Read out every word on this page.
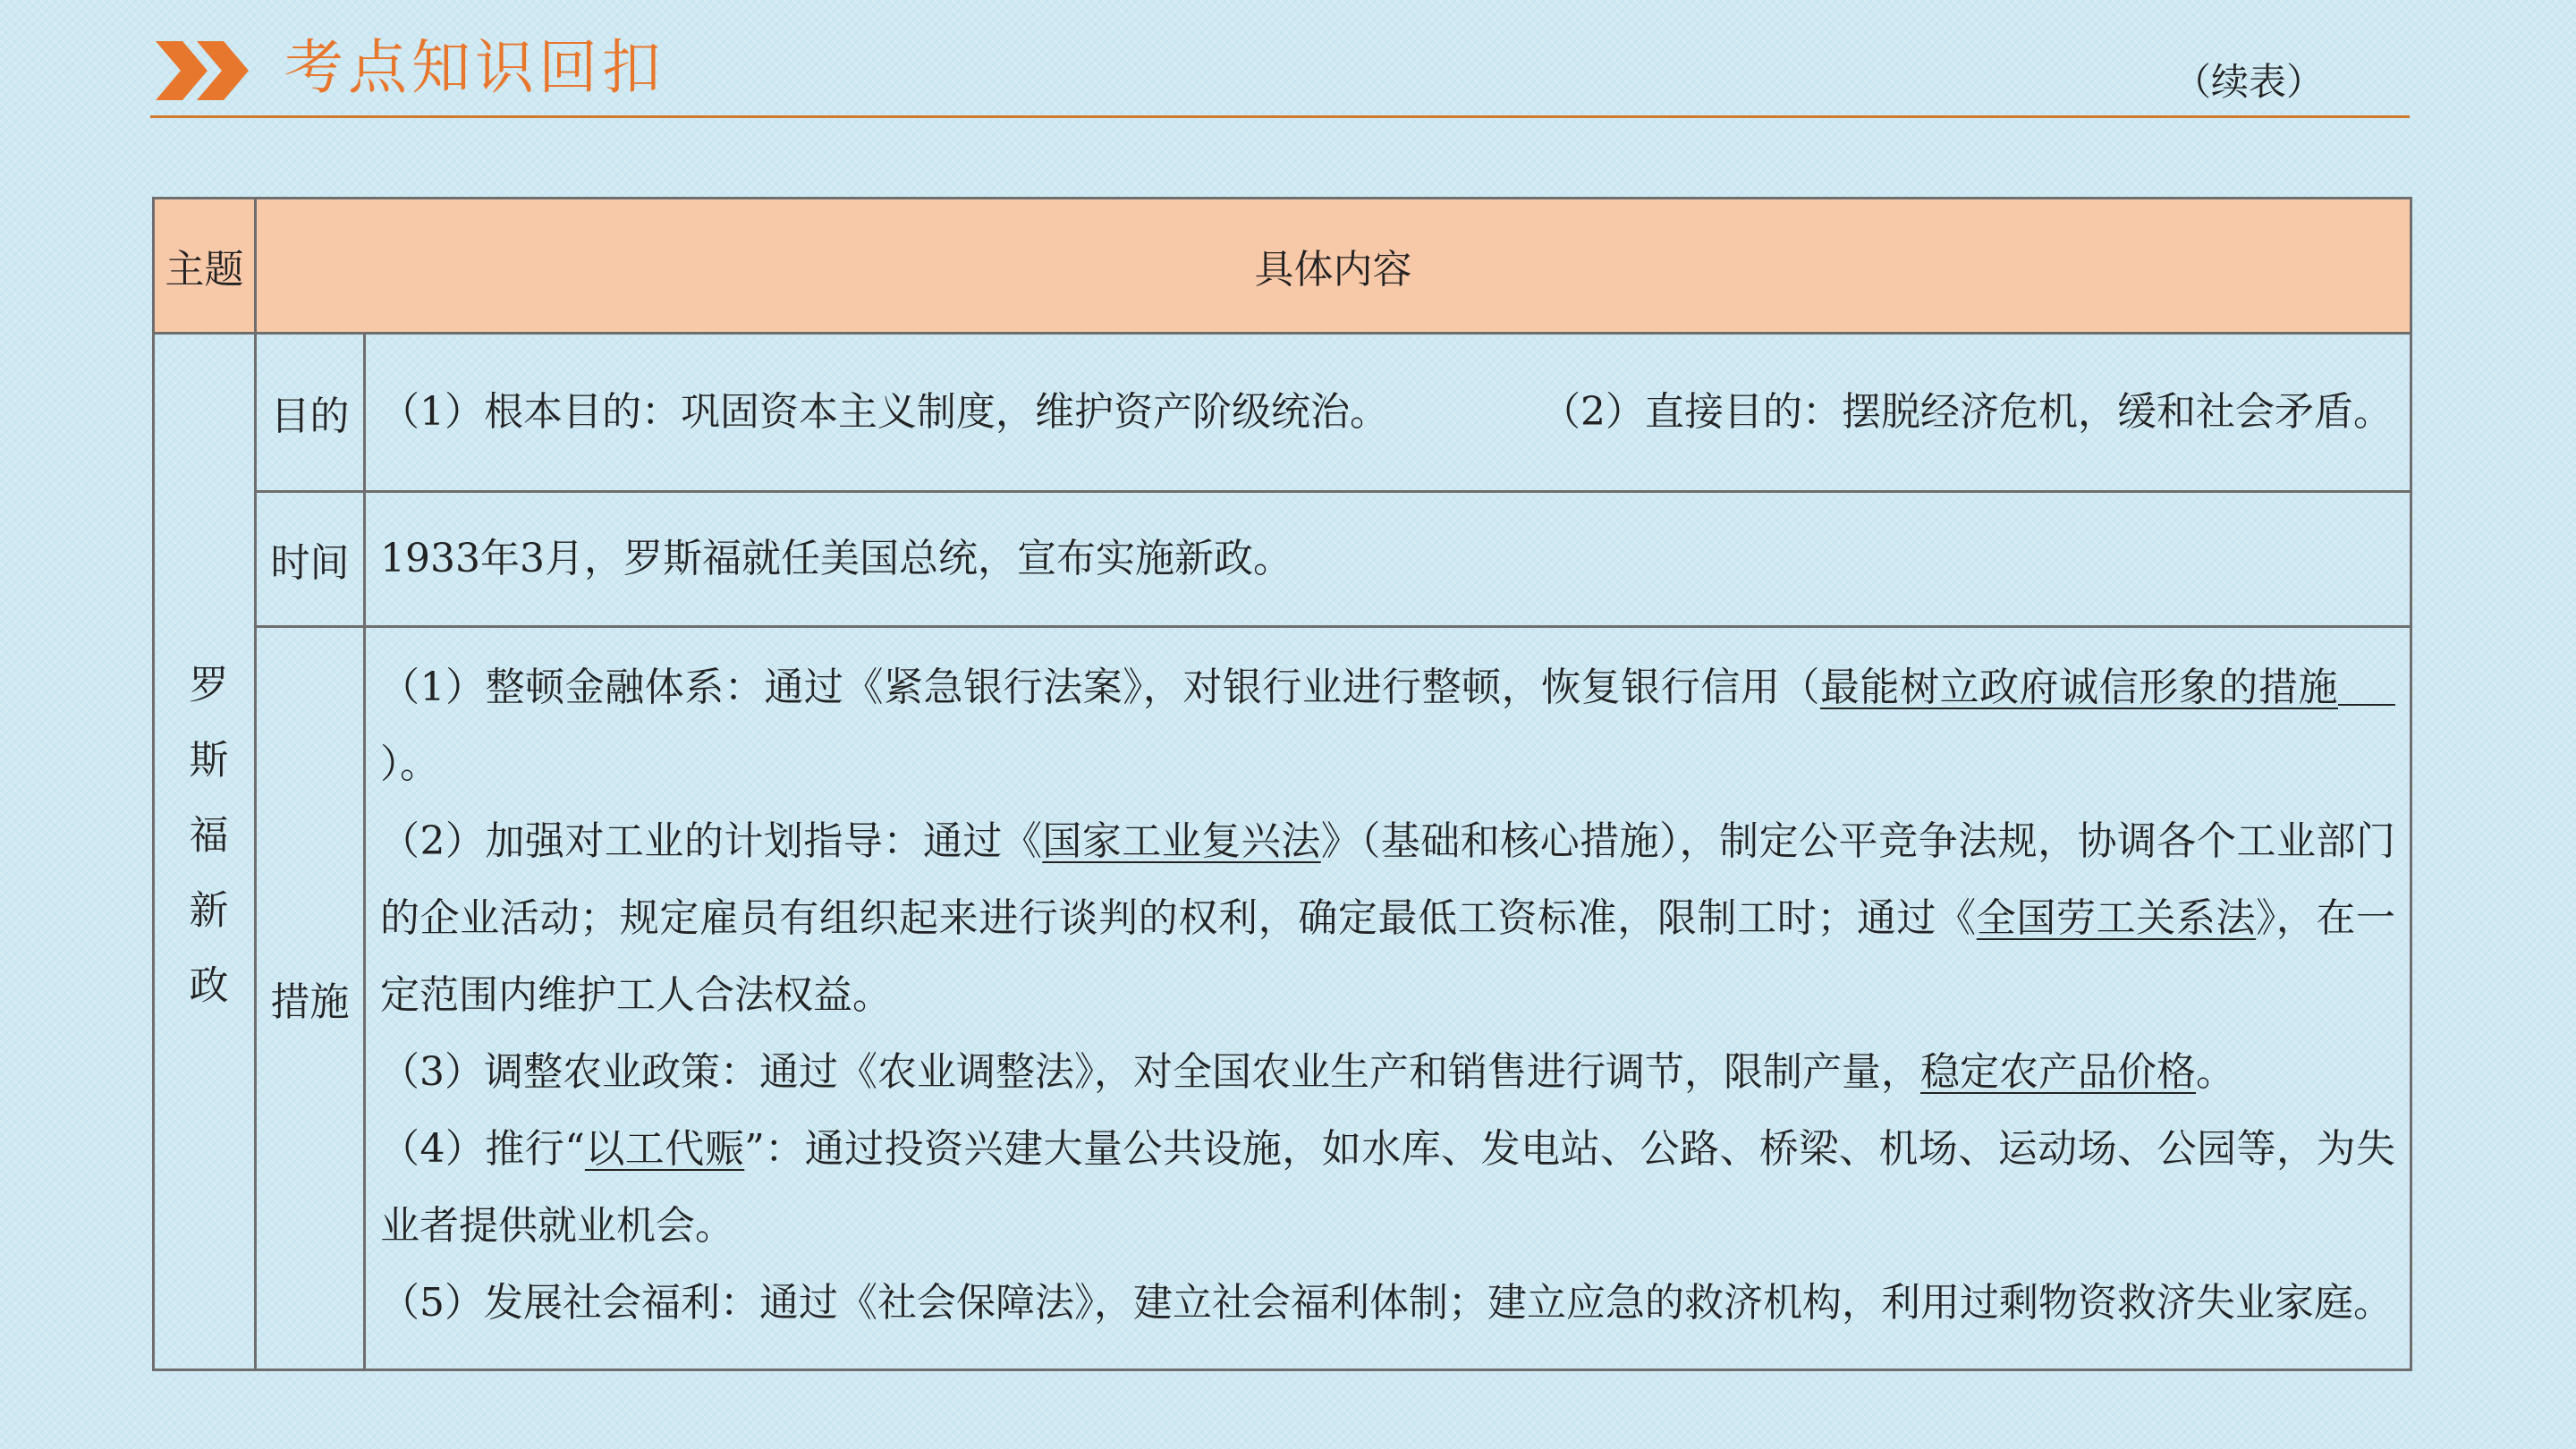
考点知识回扣	（续表）
主题	具体内容	

罗斯福新政	目的	（1）根本目的：巩固资本主义制度，维护资产阶级统治。 （2）直接目的：摆脱经济危机，缓和社会矛盾。
	时间	1933年3月，罗斯福就任美国总统，宣布实施新政。
	措施	（1）整顿金融体系：通过《紧急银行法案》，对银行业进行整顿，恢复银行信用（最能树立政府诚信形象的措施）。
（2）加强对工业的计划指导：通过《国家工业复兴法》（基础和核心措施），制定公平竞争法规，协调各个工业部门的企业活动；规定雇员有组织起来进行谈判的权利，确定最低工资标准，限制工时；通过《全国劳工关系法》，在一定范围内维护工人合法权益。
（3）调整农业政策：通过《农业调整法》，对全国农业生产和销售进行调节，限制产量，稳定农产品价格。
（4）推行“以工代赈”：通过投资兴建大量公共设施，如水库、发电站、公路、桥梁、机场、运动场、公园等，为失业者提供就业机会。
（5）发展社会福利：通过《社会保障法》，建立社会福利体制；建立应急的救济机构，利用过剩物资救济失业家庭。
